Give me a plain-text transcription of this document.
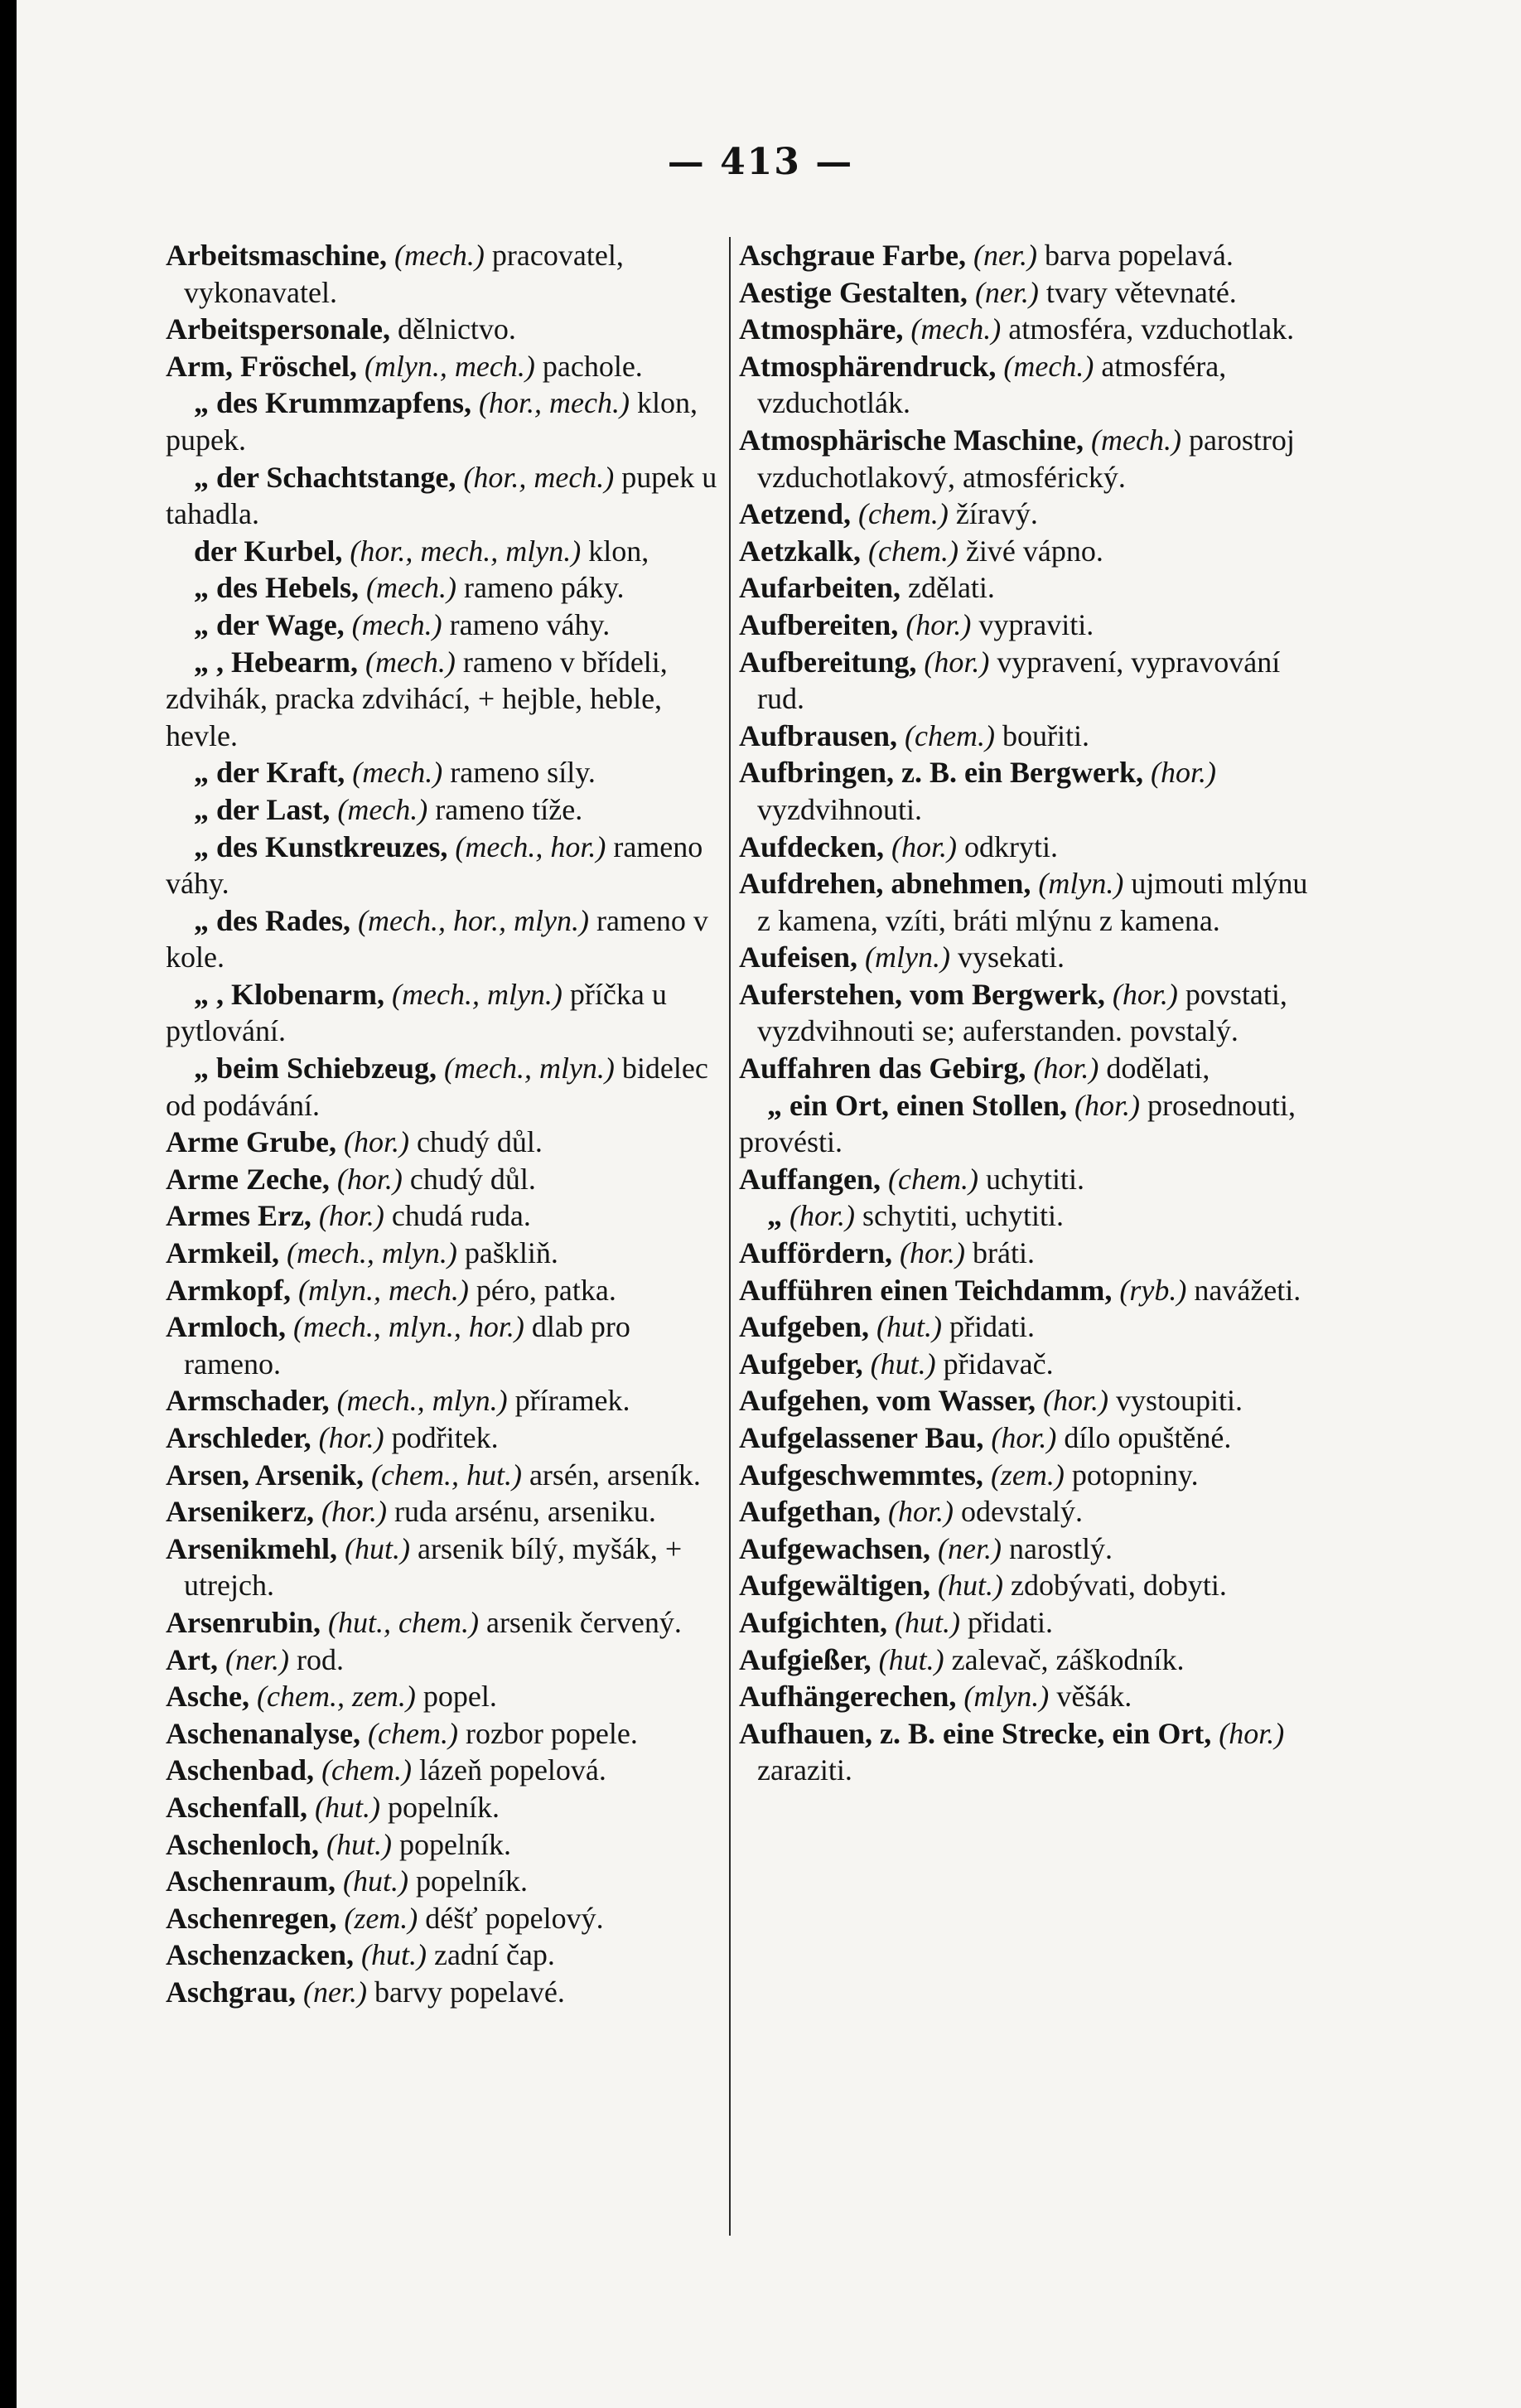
— 413 —

Arbeitsmaschine, (mech.) pracovatel, vykonavatel.

Arbeitspersonale, dělnictvo.

Arm, Fröschel, (mlyn., mech.) pachole.

„ des Krummzapfens, (hor., mech.) klon, pupek.

„ der Schachtstange, (hor., mech.) pupek u tahadla.

der Kurbel, (hor., mech., mlyn.) klon,

„ des Hebels, (mech.) rameno páky.

„ der Wage, (mech.) rameno váhy.

„ , Hebearm, (mech.) rameno v břídeli, zdvihák, pracka zdvihácí, + hejble, heble, hevle.

„ der Kraft, (mech.) rameno síly.

„ der Last, (mech.) rameno tíže.

„ des Kunstkreuzes, (mech., hor.) rameno váhy.

„ des Rades, (mech., hor., mlyn.) rameno v kole.

„ , Klobenarm, (mech., mlyn.) příčka u pytlování.

„ beim Schiebzeug, (mech., mlyn.) bidelec od podávání.

Arme Grube, (hor.) chudý důl.

Arme Zeche, (hor.) chudý důl.

Armes Erz, (hor.) chudá ruda.

Armkeil, (mech., mlyn.) paškliň.

Armkopf, (mlyn., mech.) péro, patka.

Armloch, (mech., mlyn., hor.) dlab pro rameno.

Armschader, (mech., mlyn.) příramek.

Arschleder, (hor.) podřitek.

Arsen, Arsenik, (chem., hut.) arsén, arseník.

Arsenikerz, (hor.) ruda arsénu, arseniku.

Arsenikmehl, (hut.) arsenik bílý, myšák, + utrejch.

Arsenrubin, (hut., chem.) arsenik červený.

Art, (ner.) rod.

Asche, (chem., zem.) popel.

Aschenanalyse, (chem.) rozbor popele.

Aschenbad, (chem.) lázeň popelová.

Aschenfall, (hut.) popelník.

Aschenloch, (hut.) popelník.

Aschenraum, (hut.) popelník.

Aschenregen, (zem.) déšť popelový.

Aschenzacken, (hut.) zadní čap.

Aschgrau, (ner.) barvy popelavé.

Aschgraue Farbe, (ner.) barva popelavá.

Aestige Gestalten, (ner.) tvary větevnaté.

Atmosphäre, (mech.) atmosféra, vzduchotlak.

Atmosphärendruck, (mech.) atmosféra, vzduchotlák.

Atmosphärische Maschine, (mech.) parostroj vzduchotlakový, atmosférický.

Aetzend, (chem.) žíravý.

Aetzkalk, (chem.) živé vápno.

Aufarbeiten, zdělati.

Aufbereiten, (hor.) vypraviti.

Aufbereitung, (hor.) vypravení, vypravování rud.

Aufbrausen, (chem.) bouřiti.

Aufbringen, z. B. ein Bergwerk, (hor.) vyzdvihnouti.

Aufdecken, (hor.) odkryti.

Aufdrehen, abnehmen, (mlyn.) ujmouti mlýnu z kamena, vzíti, bráti mlýnu z kamena.

Aufeisen, (mlyn.) vysekati.

Auferstehen, vom Bergwerk, (hor.) povstati, vyzdvihnouti se; auferstanden. povstalý.

Auffahren das Gebirg, (hor.) dodělati,

„ ein Ort, einen Stollen, (hor.) prosednouti, provésti.

Auffangen, (chem.) uchytiti.

„ (hor.) schytiti, uchytiti.

Auffördern, (hor.) bráti.

Aufführen einen Teichdamm, (ryb.) navážeti.

Aufgeben, (hut.) přidati.

Aufgeber, (hut.) přidavač.

Aufgehen, vom Wasser, (hor.) vystoupiti.

Aufgelassener Bau, (hor.) dílo opuštěné.

Aufgeschwemmtes, (zem.) potopniny.

Aufgethan, (hor.) odevstalý.

Aufgewachsen, (ner.) narostlý.

Aufgewältigen, (hut.) zdobývati, dobyti.

Aufgichten, (hut.) přidati.

Aufgießer, (hut.) zalevač, záškodník.

Aufhängerechen, (mlyn.) věšák.

Aufhauen, z. B. eine Strecke, ein Ort, (hor.) zaraziti.
